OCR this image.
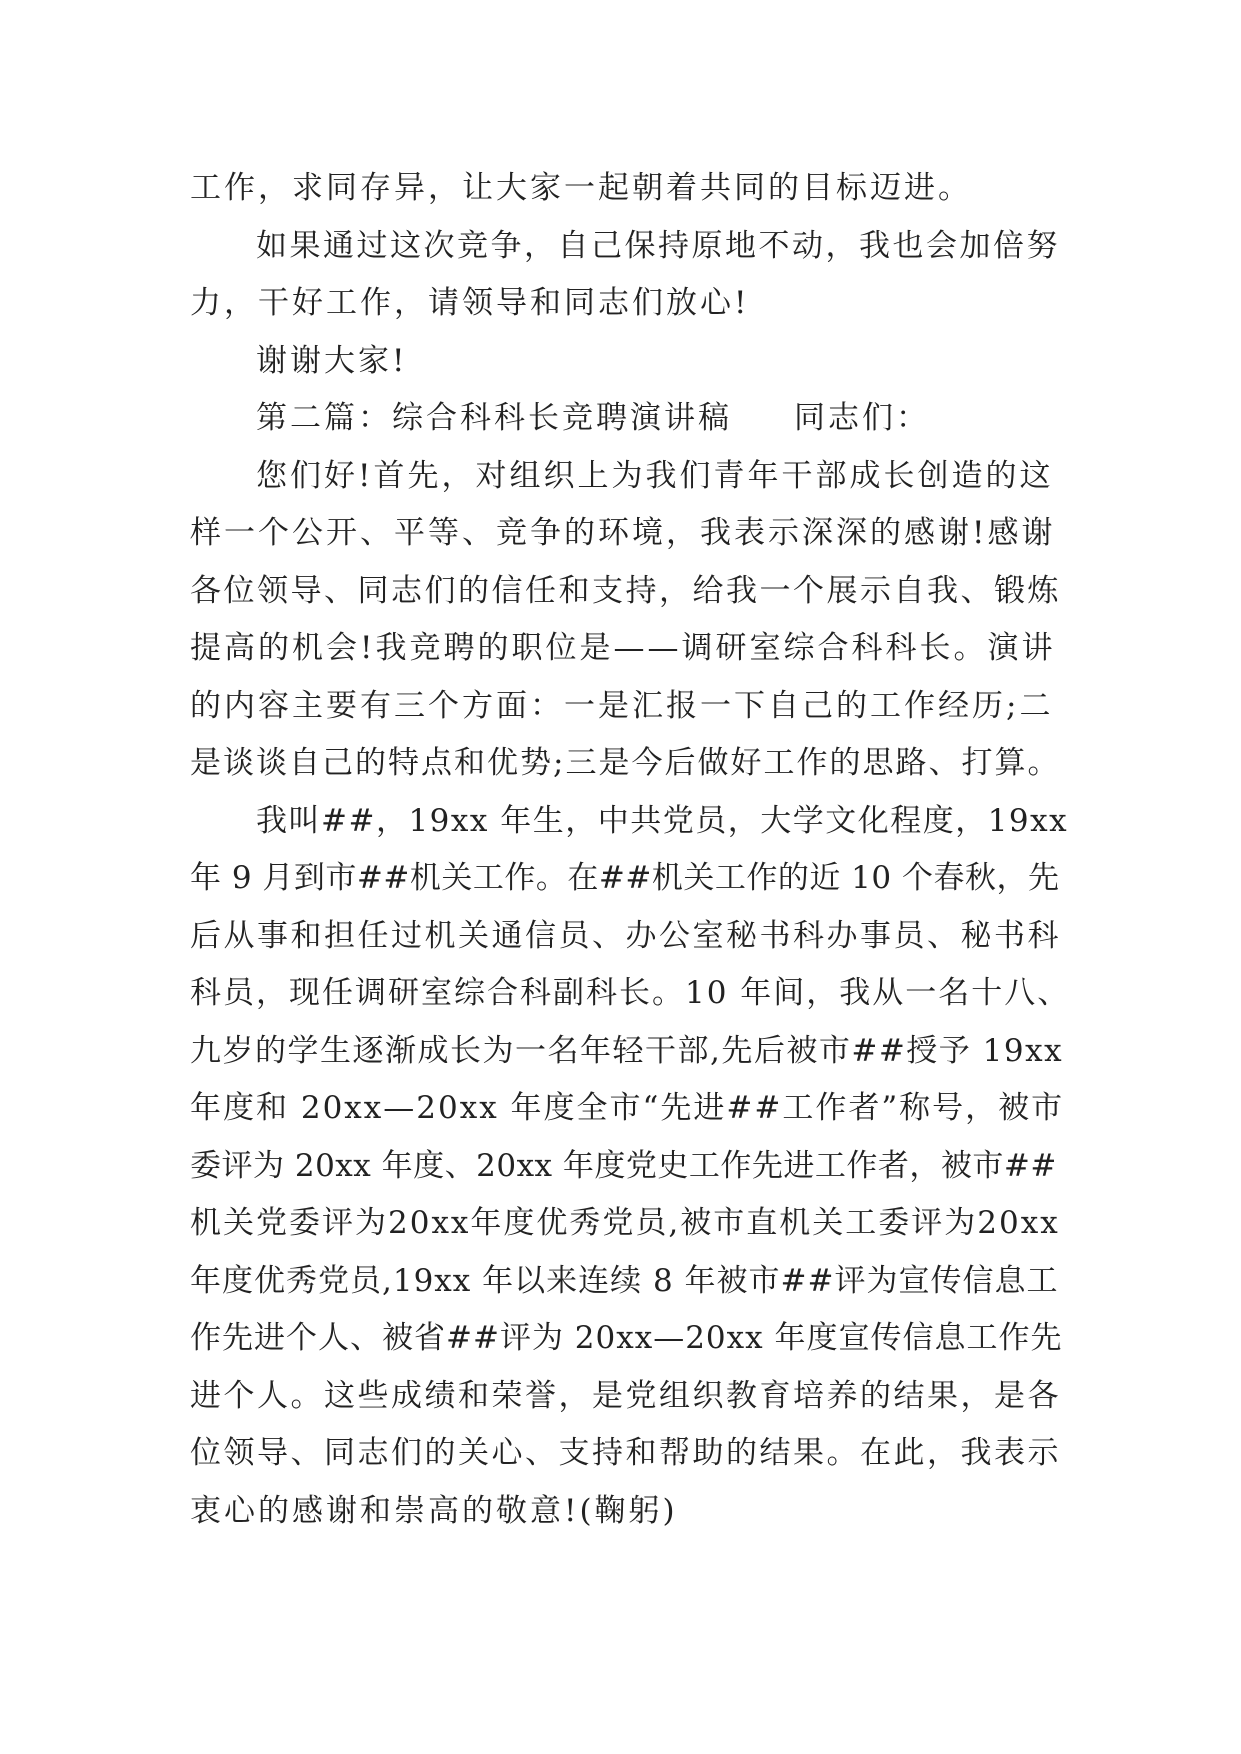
工作，求同存异，让大家一起朝着共同的目标迈进。
如果通过这次竞争，自己保持原地不动，我也会加倍努
力，干好工作，请领导和同志们放心!
谢谢大家!
第二篇：综合科科长竞聘演讲稿 同志们：
您们好!首先，对组织上为我们青年干部成长创造的这
样一个公开、平等、竞争的环境，我表示深深的感谢!感谢
各位领导、同志们的信任和支持，给我一个展示自我、锻炼
提高的机会!我竞聘的职位是——调研室综合科科长。演讲
的内容主要有三个方面：一是汇报一下自己的工作经历;二
是谈谈自己的特点和优势;三是今后做好工作的思路、打算。
我叫##，19xx 年生，中共党员，大学文化程度，19xx
年 9 月到市##机关工作。在##机关工作的近 10 个春秋，先
后从事和担任过机关通信员、办公室秘书科办事员、秘书科
科员，现任调研室综合科副科长。10 年间，我从一名十八、
九岁的学生逐渐成长为一名年轻干部,先后被市##授予 19xx
年度和 20xx—20xx 年度全市“先进##工作者”称号，被市
委评为 20xx 年度、20xx 年度党史工作先进工作者，被市##
机关党委评为20xx年度优秀党员,被市直机关工委评为20xx
年度优秀党员,19xx 年以来连续 8 年被市##评为宣传信息工
作先进个人、被省##评为 20xx—20xx 年度宣传信息工作先
进个人。这些成绩和荣誉，是党组织教育培养的结果，是各
位领导、同志们的关心、支持和帮助的结果。在此，我表示
衷心的感谢和崇高的敬意!(鞠躬)
